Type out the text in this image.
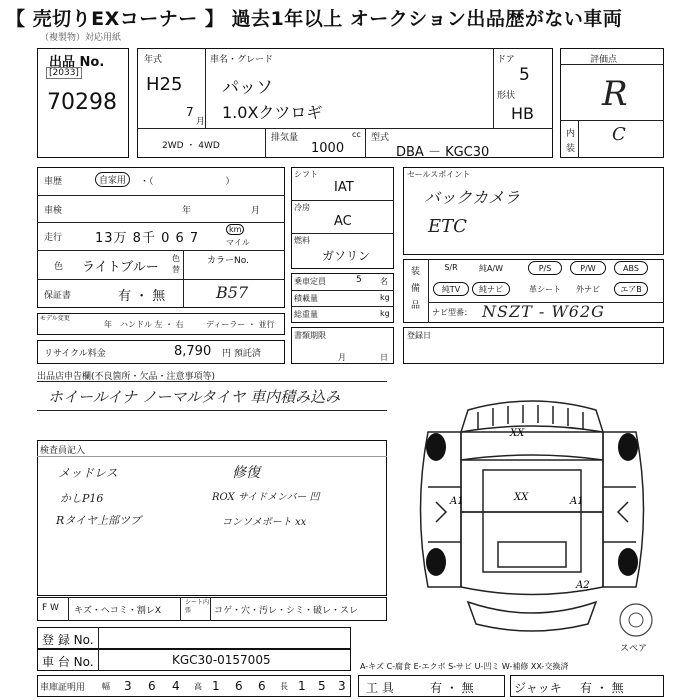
【 売切りEXコーナー 】 過去1年以上 オークション出品歴がない車両
（複製物）対応用紙
出品 No.
[2033]
70298
年式
H25
7
月
車名・グレード
パッソ
1.0Xクツロギ
ドア
5
形状
HB
2WD ・ 4WD
排気量	cc
1000
型式
DBA － KGC30
評価点
R
内
装
C
車歴	自家用	・（　　　　　　　　）
車検	年	月
走行	13万 8千 0 6 7
km
マイル
色 ライトブルー
色替
カラーNo.
B57
保証書	有 ・ 無
モデル変更
年 ハンドル 左 ・ 右	ディーラー ・ 並行
リサイクル料金	8,790 円 預託済
シフト
IAT
冷房
AC
燃料
ガソリン
乗車定員	5 名
積載量	kg
総重量	kg
書類期限
月	日
セールスポイント
バックカメラ
ETC
装
備
品
S/R	純A/W	P/S	P/W	ABS
純TV	純ナビ	革シート	外ナビ	エアB
ナビ型番： NSZT - W62G
登録日
出品店申告欄(不良箇所・欠品・注意事項等)
ホイールイナ ノーマルタイヤ 車内積み込み
検査員記入
メッドレス
かしP16
Rタイヤ上部ツブ
修復
ROX サイドメンバー 凹
コンソメポート xx
XX
A1	XX	A1
A2
スペア
F W キズ・ヘコミ・割レX
シート内張	コゲ・穴・汚レ・シミ・破レ・スレ
登 録 No.
車 台 No.	KGC30-0157005	A-キズ C-腐食 E-エクボ S-サビ U-凹ミ W-補修 XX-交換済
車庫証明用 幅 3 6 4 高 1 6 6 長 1 5 3 工 具	有 ・ 無	ジャッキ 有 ・ 無
